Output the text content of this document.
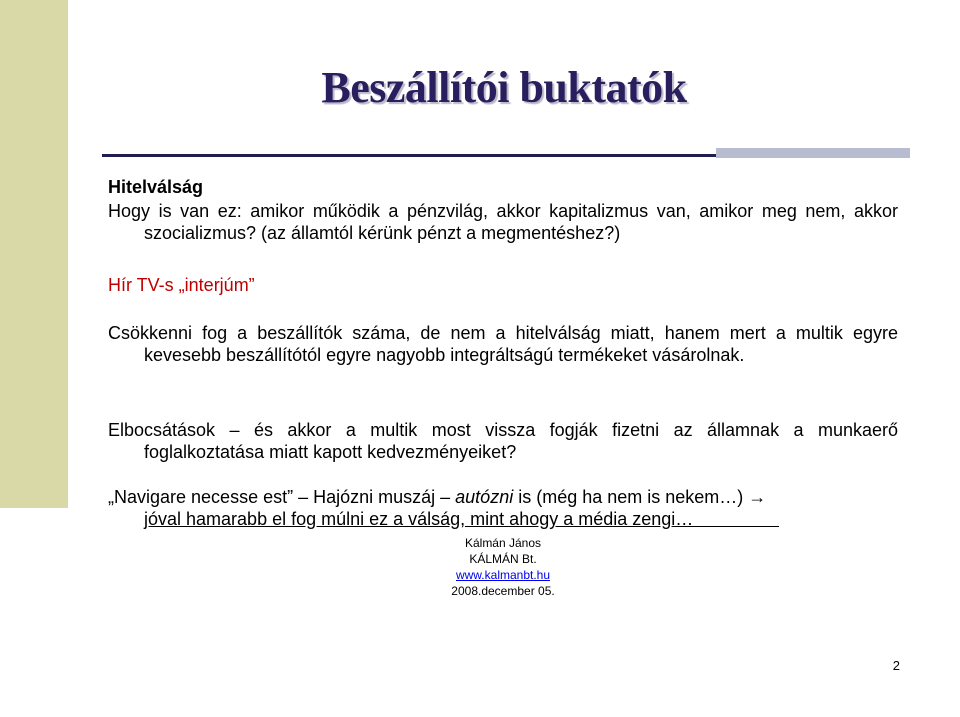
Beszállítói buktatók

Hitelválság

Hogy is van ez: amikor működik a pénzvilág, akkor kapitalizmus van, amikor meg nem, akkor szocializmus? (az államtól kérünk pénzt a megmentéshez?)

Hír TV-s „interjúm”

Csökkenni fog a beszállítók száma, de nem a hitelválság miatt, hanem mert a multik egyre kevesebb beszállítótól egyre nagyobb integráltságú termékeket vásárolnak.

Elbocsátások – és akkor a multik most vissza fogják fizetni az államnak a munkaerő foglalkoztatása miatt kapott kedvezményeiket?

„Navigare necesse est” – Hajózni muszáj – autózni is (még ha nem is nekem…) →
jóval hamarabb el fog múlni ez a válság, mint ahogy a média zengi…

Kálmán János
KÁLMÁN Bt.
www.kalmanbt.hu
2008.december 05.
2
